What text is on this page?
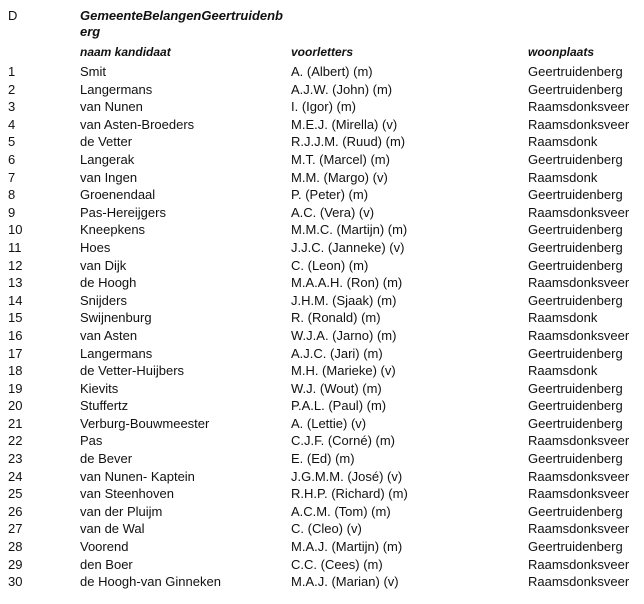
D	GemeenteBelangenGeertruidenberg
naam kandidaat	voorletters	woonplaats
1	Smit	A. (Albert) (m)	Geertruidenberg
2	Langermans	A.J.W. (John) (m)	Geertruidenberg
3	van Nunen	I. (Igor) (m)	Raamsdonksveer
4	van Asten-Broeders	M.E.J. (Mirella) (v)	Raamsdonksveer
5	de Vetter	R.J.J.M. (Ruud) (m)	Raamsdonk
6	Langerak	M.T. (Marcel) (m)	Geertruidenberg
7	van Ingen	M.M. (Margo) (v)	Raamsdonk
8	Groenendaal	P. (Peter) (m)	Geertruidenberg
9	Pas-Hereijgers	A.C. (Vera) (v)	Raamsdonksveer
10	Kneepkens	M.M.C. (Martijn) (m)	Geertruidenberg
11	Hoes	J.J.C. (Janneke) (v)	Geertruidenberg
12	van Dijk	C. (Leon) (m)	Geertruidenberg
13	de Hoogh	M.A.A.H. (Ron) (m)	Raamsdonksveer
14	Snijders	J.H.M. (Sjaak) (m)	Geertruidenberg
15	Swijnenburg	R. (Ronald) (m)	Raamsdonk
16	van Asten	W.J.A. (Jarno) (m)	Raamsdonksveer
17	Langermans	A.J.C. (Jari) (m)	Geertruidenberg
18	de Vetter-Huijbers	M.H. (Marieke) (v)	Raamsdonk
19	Kievits	W.J. (Wout) (m)	Geertruidenberg
20	Stuffertz	P.A.L. (Paul) (m)	Geertruidenberg
21	Verburg-Bouwmeester	A. (Lettie) (v)	Geertruidenberg
22	Pas	C.J.F. (Corné) (m)	Raamsdonksveer
23	de Bever	E. (Ed) (m)	Geertruidenberg
24	van Nunen- Kaptein	J.G.M.M. (José) (v)	Raamsdonksveer
25	van Steenhoven	R.H.P. (Richard) (m)	Raamsdonksveer
26	van der Pluijm	A.C.M. (Tom) (m)	Geertruidenberg
27	van de Wal	C. (Cleo) (v)	Raamsdonksveer
28	Voorend	M.A.J. (Martijn) (m)	Geertruidenberg
29	den Boer	C.C. (Cees) (m)	Raamsdonksveer
30	de Hoogh-van Ginneken	M.A.J. (Marian) (v)	Raamsdonksveer
